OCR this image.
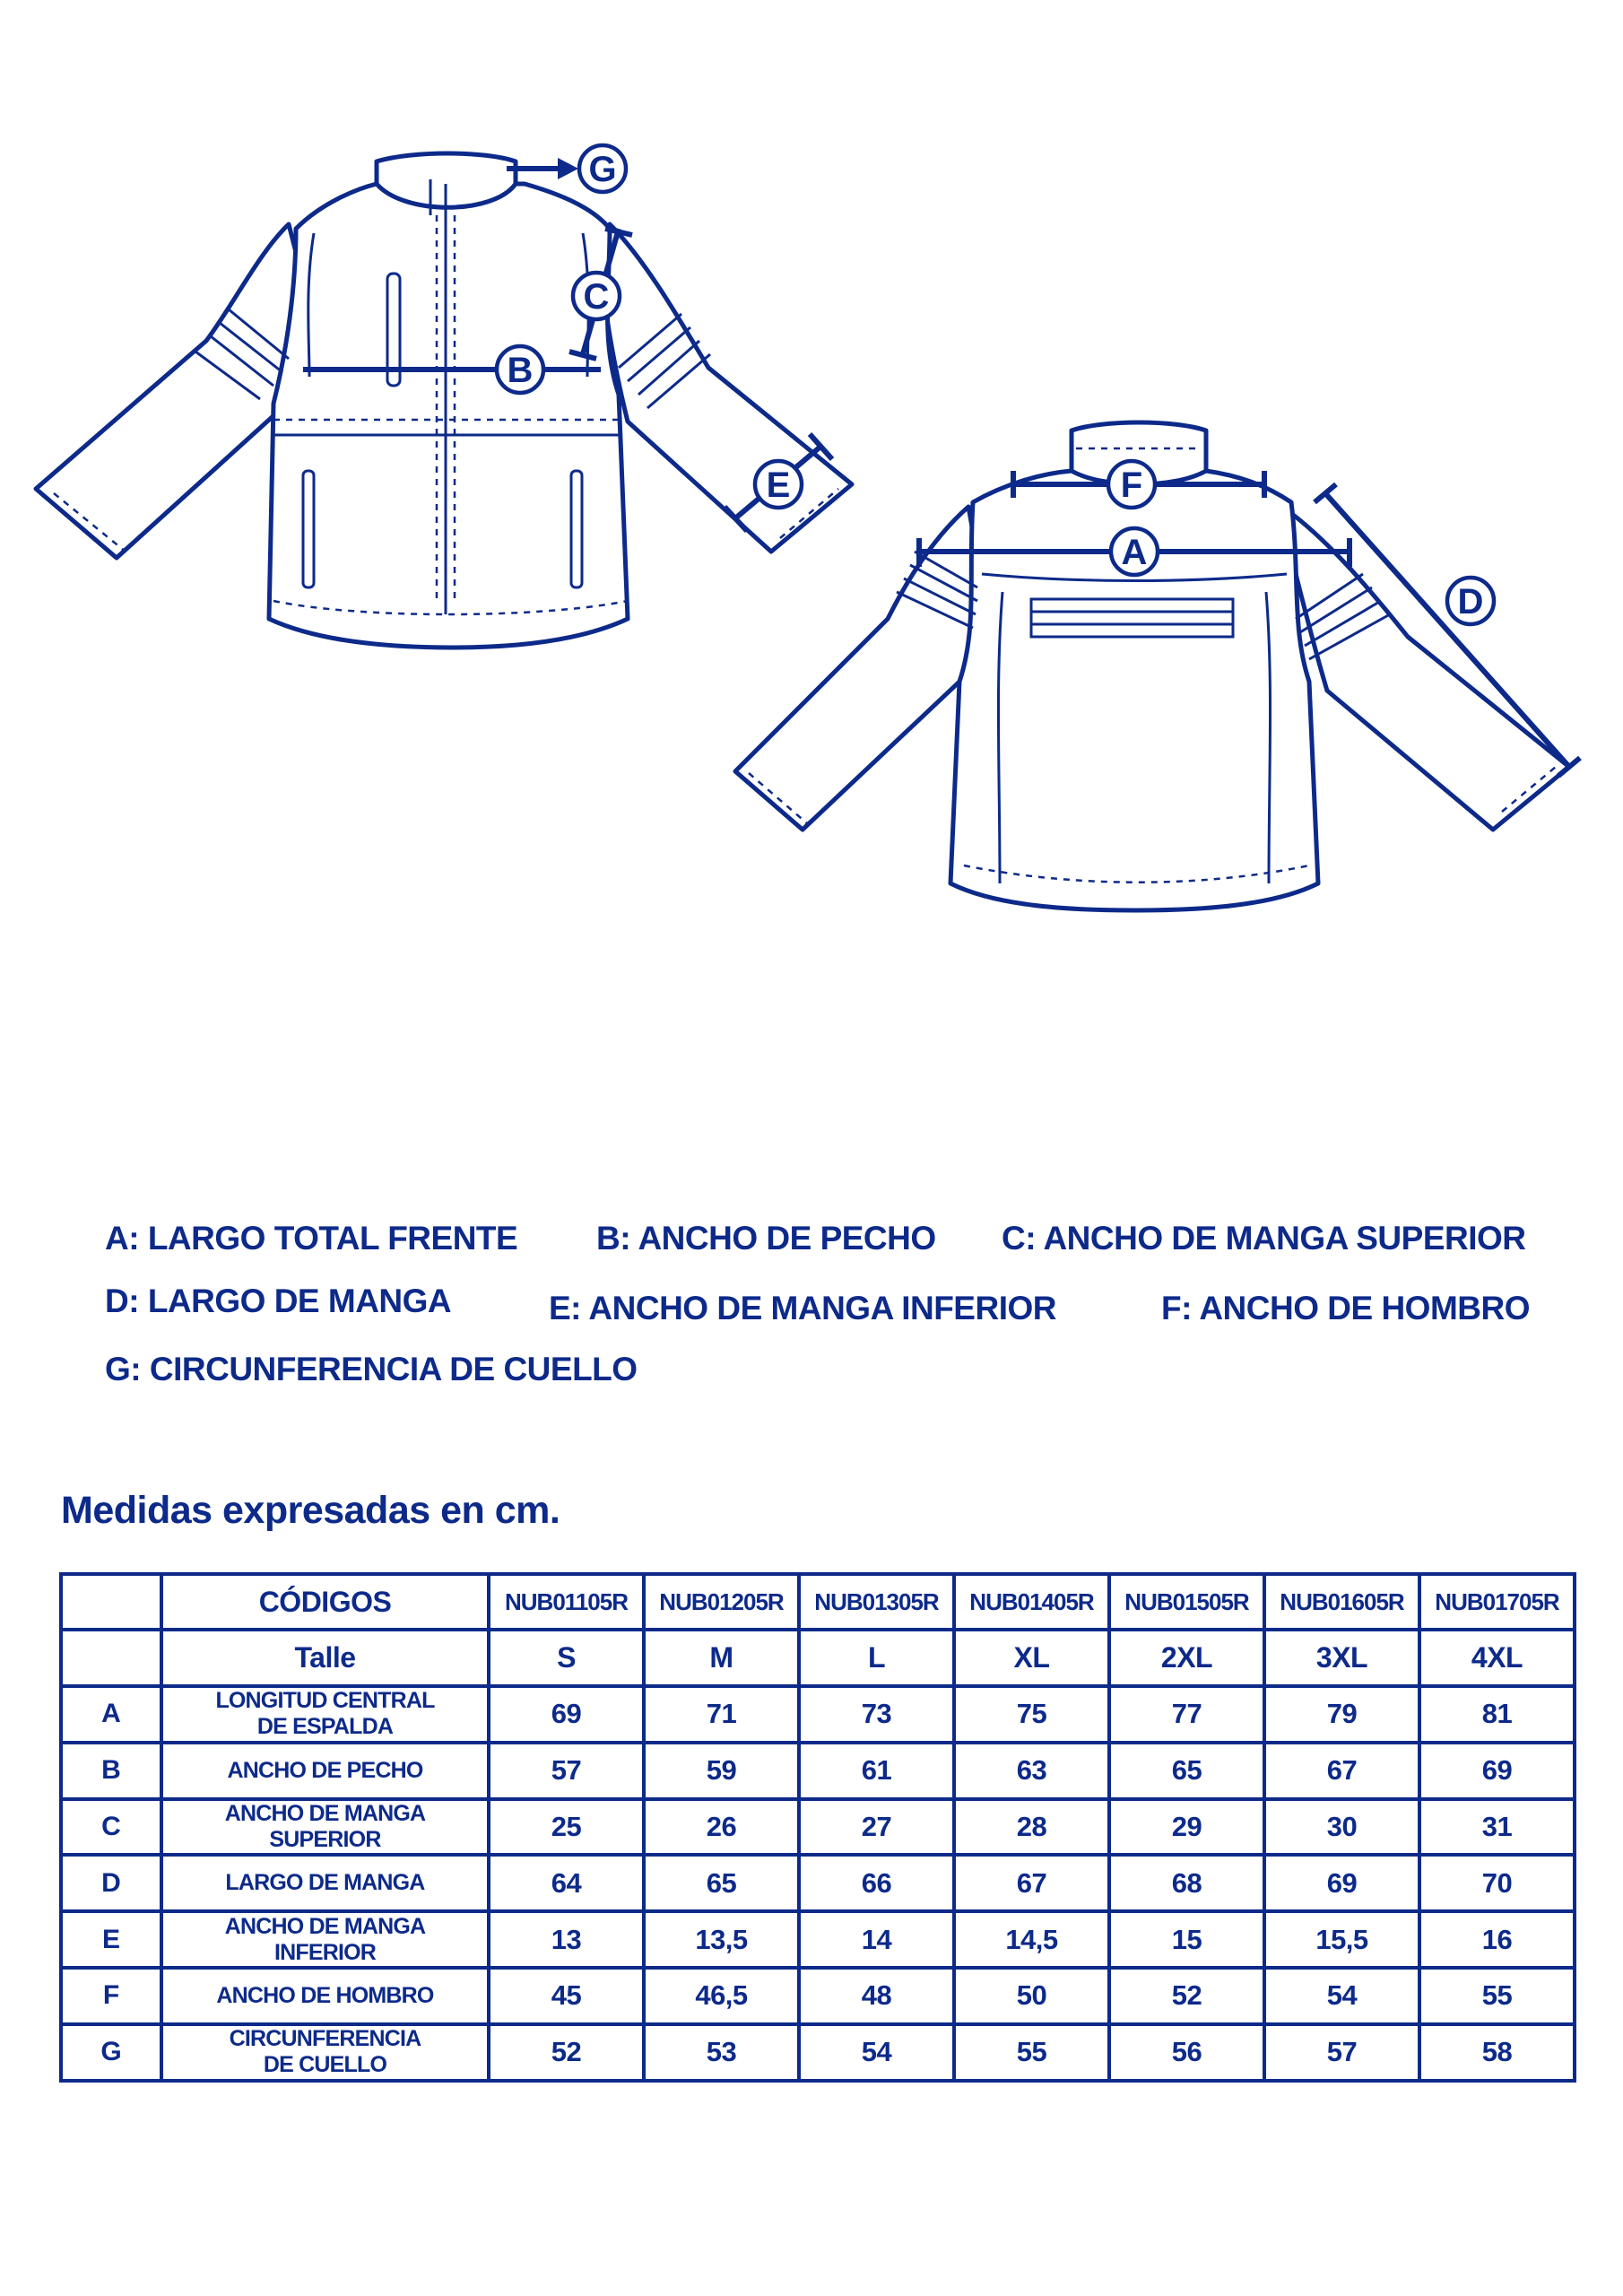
B
C
E
G
A
F
D
A: LARGO TOTAL FRENTE B: ANCHO DE PECHO C: ANCHO DE MANGA SUPERIOR
D: LARGO DE MANGA	E: ANCHO DE MANGA INFERIOR	F: ANCHO DE HOMBRO
G: CIRCUNFERENCIA DE CUELLO
Medidas expresadas en cm.
	CÓDIGOS	NUB01105R	NUB01205R	NUB01305R	NUB01405R	NUB01505R	NUB01605R	NUB01705R
	Talle	S	M	L	XL	2XL	3XL	4XL
A	LONGITUD CENTRAL
DE ESPALDA	69	71	73	75	77	79	81
B	ANCHO DE PECHO	57	59	61	63	65	67	69
C	ANCHO DE MANGA
SUPERIOR	25	26	27	28	29	30	31
D	LARGO DE MANGA	64	65	66	67	68	69	70
E	ANCHO DE MANGA
INFERIOR	13	13,5	14	14,5	15	15,5	16
F	ANCHO DE HOMBRO	45	46,5	48	50	52	54	55
G	CIRCUNFERENCIA
DE CUELLO	52	53	54	55	56	57	58
